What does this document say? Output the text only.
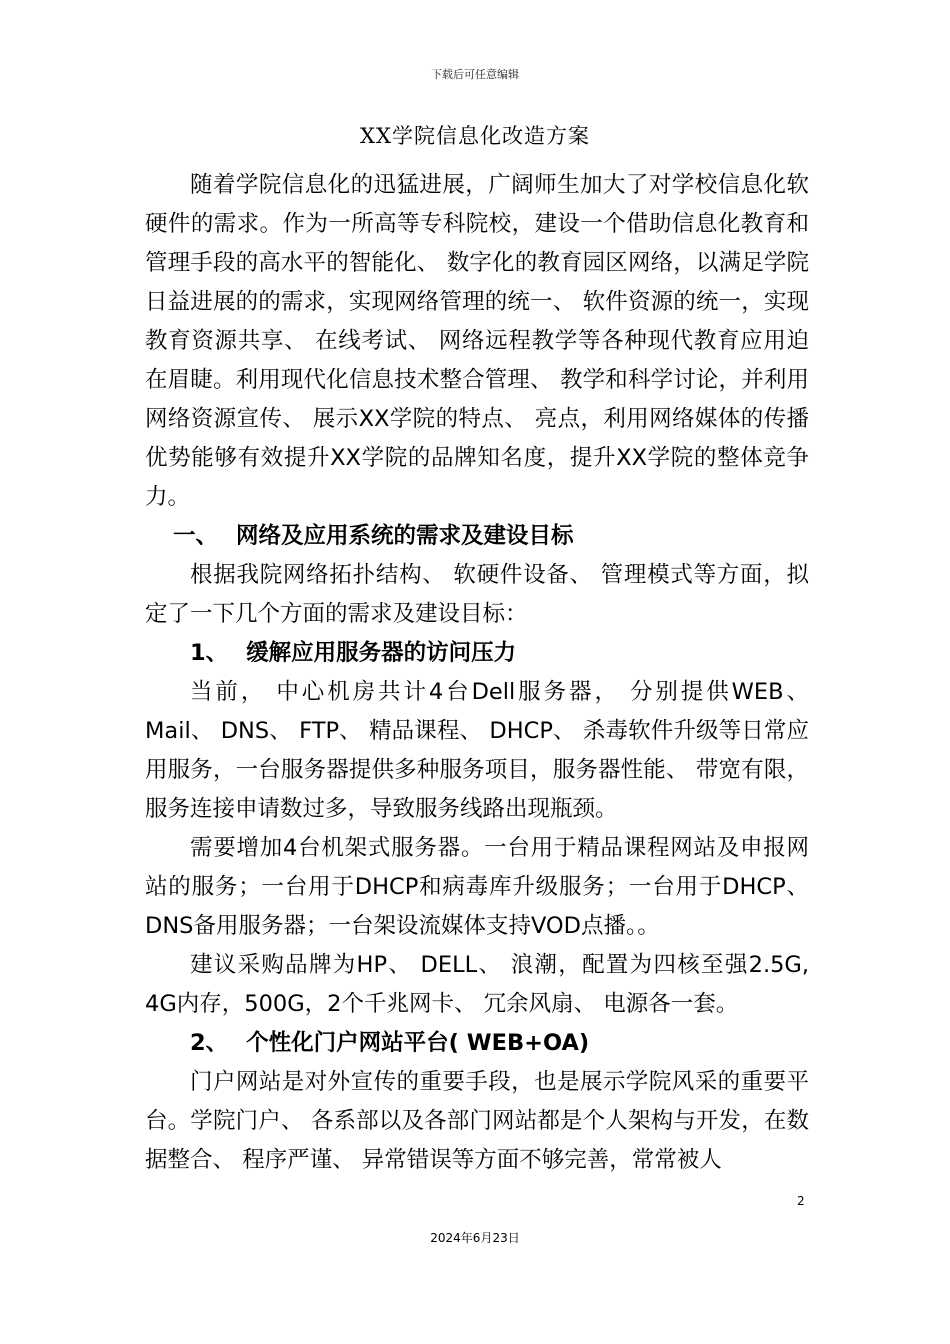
下载后可任意编辑
XX学院信息化改造方案

随着学院信息化的迅猛进展，广阔师生加大了对学校信息化软硬件的需求。作为一所高等专科院校，建设一个借助信息化教育和管理手段的高水平的智能化、 数字化的教育园区网络，以满足学院日益进展的的需求，实现网络管理的统一、 软件资源的统一，实现教育资源共享、 在线考试、 网络远程教学等各种现代教育应用迫在眉睫。利用现代化信息技术整合管理、 教学和科学讨论，并利用网络资源宣传、 展示XX学院的特点、 亮点，利用网络媒体的传播优势能够有效提升XX学院的品牌知名度，提升XX学院的整体竞争力。

一、 网络及应用系统的需求及建设目标

根据我院网络拓扑结构、 软硬件设备、 管理模式等方面，拟定了一下几个方面的需求及建设目标：

1、 缓解应用服务器的访问压力

当前， 中心机房共计4台Dell服务器， 分别提供WEB、 Mail、 DNS、 FTP、 精品课程、 DHCP、 杀毒软件升级等日常应用服务，一台服务器提供多种服务项目，服务器性能、 带宽有限， 服务连接申请数过多，导致服务线路出现瓶颈。

需要增加4台机架式服务器。一台用于精品课程网站及申报网站的服务；一台用于DHCP和病毒库升级服务；一台用于DHCP、 DNS备用服务器；一台架设流媒体支持VOD点播。。

建议采购品牌为HP、 DELL、 浪潮，配置为四核至强2.5G, 4G内存，500G，2个千兆网卡、 冗余风扇、 电源各一套。

2、 个性化门户网站平台( WEB+OA)

门户网站是对外宣传的重要手段，也是展示学院风采的重要平台。学院门户、 各系部以及各部门网站都是个人架构与开发，在数据整合、 程序严谨、 异常错误等方面不够完善，常常被人

2
2024年6月23日
